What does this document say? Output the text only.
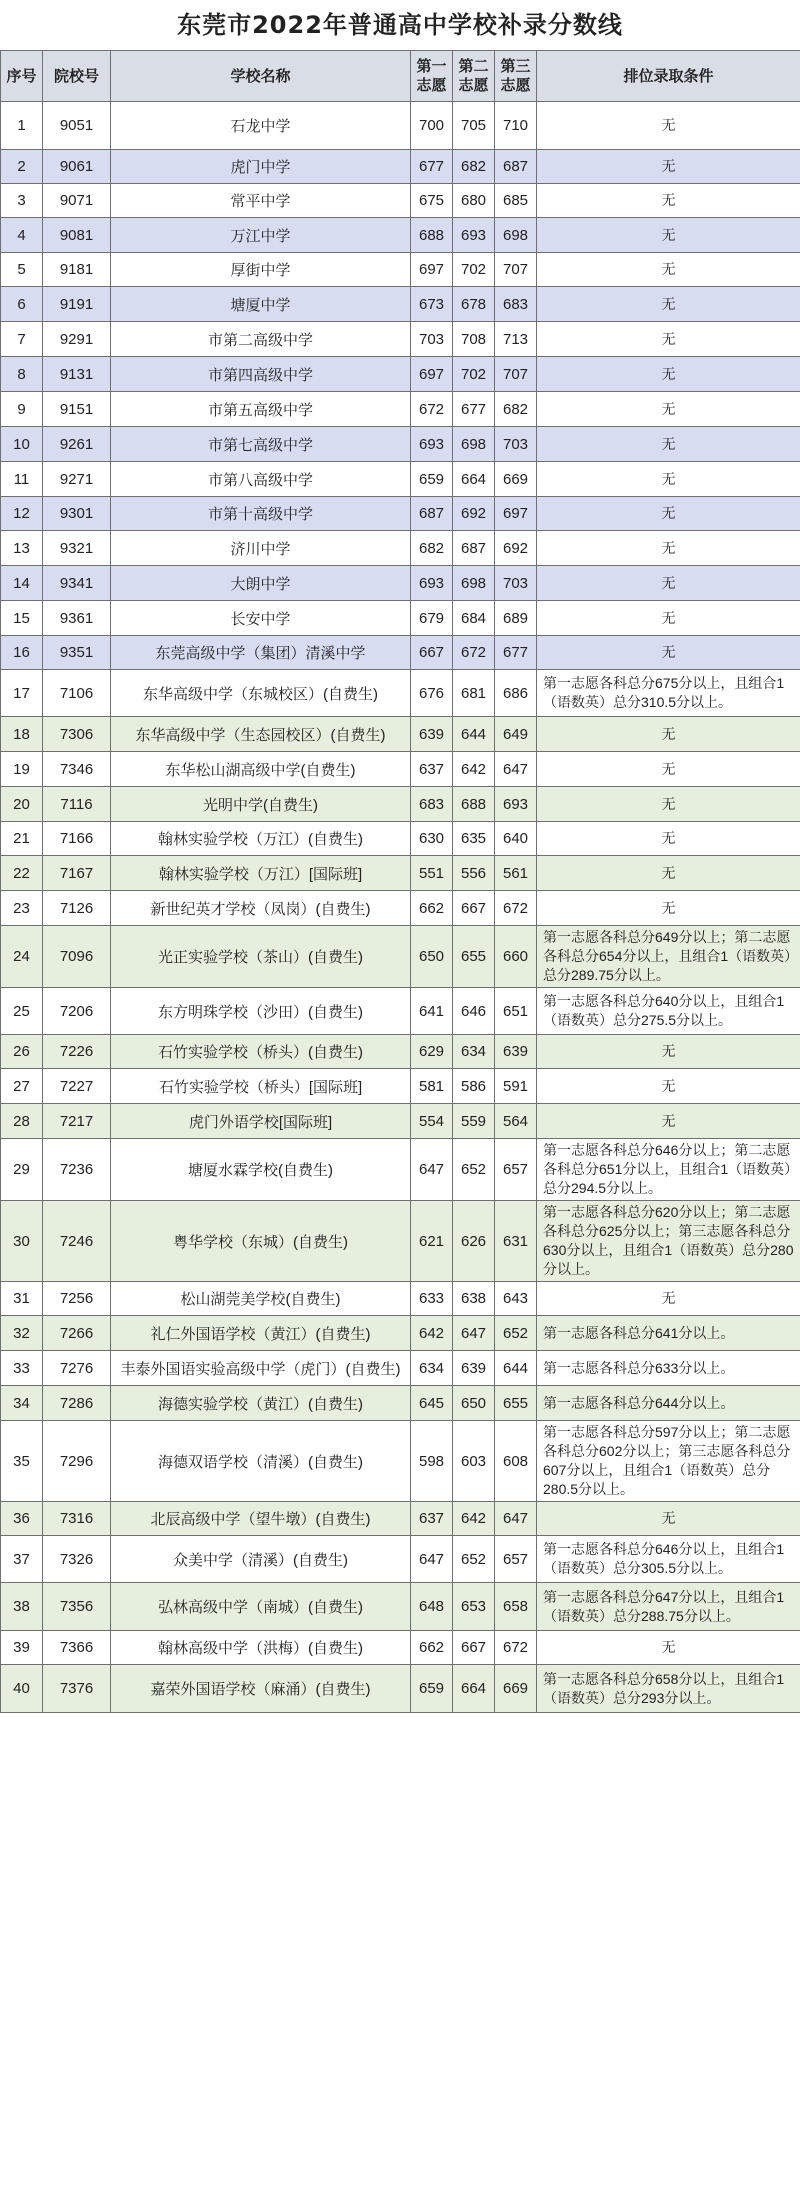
东莞市2022年普通高中学校补录分数线
序号	院校号	学校名称	第一志愿	第二志愿	第三志愿	排位录取条件
1	9051	石龙中学	700	705	710	无
2	9061	虎门中学	677	682	687	无
3	9071	常平中学	675	680	685	无
4	9081	万江中学	688	693	698	无
5	9181	厚街中学	697	702	707	无
6	9191	塘厦中学	673	678	683	无
7	9291	市第二高级中学	703	708	713	无
8	9131	市第四高级中学	697	702	707	无
9	9151	市第五高级中学	672	677	682	无
10	9261	市第七高级中学	693	698	703	无
11	9271	市第八高级中学	659	664	669	无
12	9301	市第十高级中学	687	692	697	无
13	9321	济川中学	682	687	692	无
14	9341	大朗中学	693	698	703	无
15	9361	长安中学	679	684	689	无
16	9351	东莞高级中学（集团）清溪中学	667	672	677	无
17	7106	东华高级中学（东城校区）(自费生)	676	681	686	第一志愿各科总分675分以上，且组合1（语数英）总分310.5分以上。
18	7306	东华高级中学（生态园校区）(自费生)	639	644	649	无
19	7346	东华松山湖高级中学(自费生)	637	642	647	无
20	7116	光明中学(自费生)	683	688	693	无
21	7166	翰林实验学校（万江）(自费生)	630	635	640	无
22	7167	翰林实验学校（万江）[国际班]	551	556	561	无
23	7126	新世纪英才学校（凤岗）(自费生)	662	667	672	无
24	7096	光正实验学校（茶山）(自费生)	650	655	660	第一志愿各科总分649分以上；第二志愿各科总分654分以上，且组合1（语数英）总分289.75分以上。
25	7206	东方明珠学校（沙田）(自费生)	641	646	651	第一志愿各科总分640分以上，且组合1（语数英）总分275.5分以上。
26	7226	石竹实验学校（桥头）(自费生)	629	634	639	无
27	7227	石竹实验学校（桥头）[国际班]	581	586	591	无
28	7217	虎门外语学校[国际班]	554	559	564	无
29	7236	塘厦水霖学校(自费生)	647	652	657	第一志愿各科总分646分以上；第二志愿各科总分651分以上，且组合1（语数英）总分294.5分以上。
30	7246	粤华学校（东城）(自费生)	621	626	631	第一志愿各科总分620分以上；第二志愿各科总分625分以上；第三志愿各科总分630分以上，且组合1（语数英）总分280分以上。
31	7256	松山湖莞美学校(自费生)	633	638	643	无
32	7266	礼仁外国语学校（黄江）(自费生)	642	647	652	第一志愿各科总分641分以上。
33	7276	丰泰外国语实验高级中学（虎门）(自费生)	634	639	644	第一志愿各科总分633分以上。
34	7286	海德实验学校（黄江）(自费生)	645	650	655	第一志愿各科总分644分以上。
35	7296	海德双语学校（清溪）(自费生)	598	603	608	第一志愿各科总分597分以上；第二志愿各科总分602分以上；第三志愿各科总分607分以上，且组合1（语数英）总分280.5分以上。
36	7316	北辰高级中学（望牛墩）(自费生)	637	642	647	无
37	7326	众美中学（清溪）(自费生)	647	652	657	第一志愿各科总分646分以上，且组合1（语数英）总分305.5分以上。
38	7356	弘林高级中学（南城）(自费生)	648	653	658	第一志愿各科总分647分以上，且组合1（语数英）总分288.75分以上。
39	7366	翰林高级中学（洪梅）(自费生)	662	667	672	无
40	7376	嘉荣外国语学校（麻涌）(自费生)	659	664	669	第一志愿各科总分658分以上，且组合1（语数英）总分293分以上。
